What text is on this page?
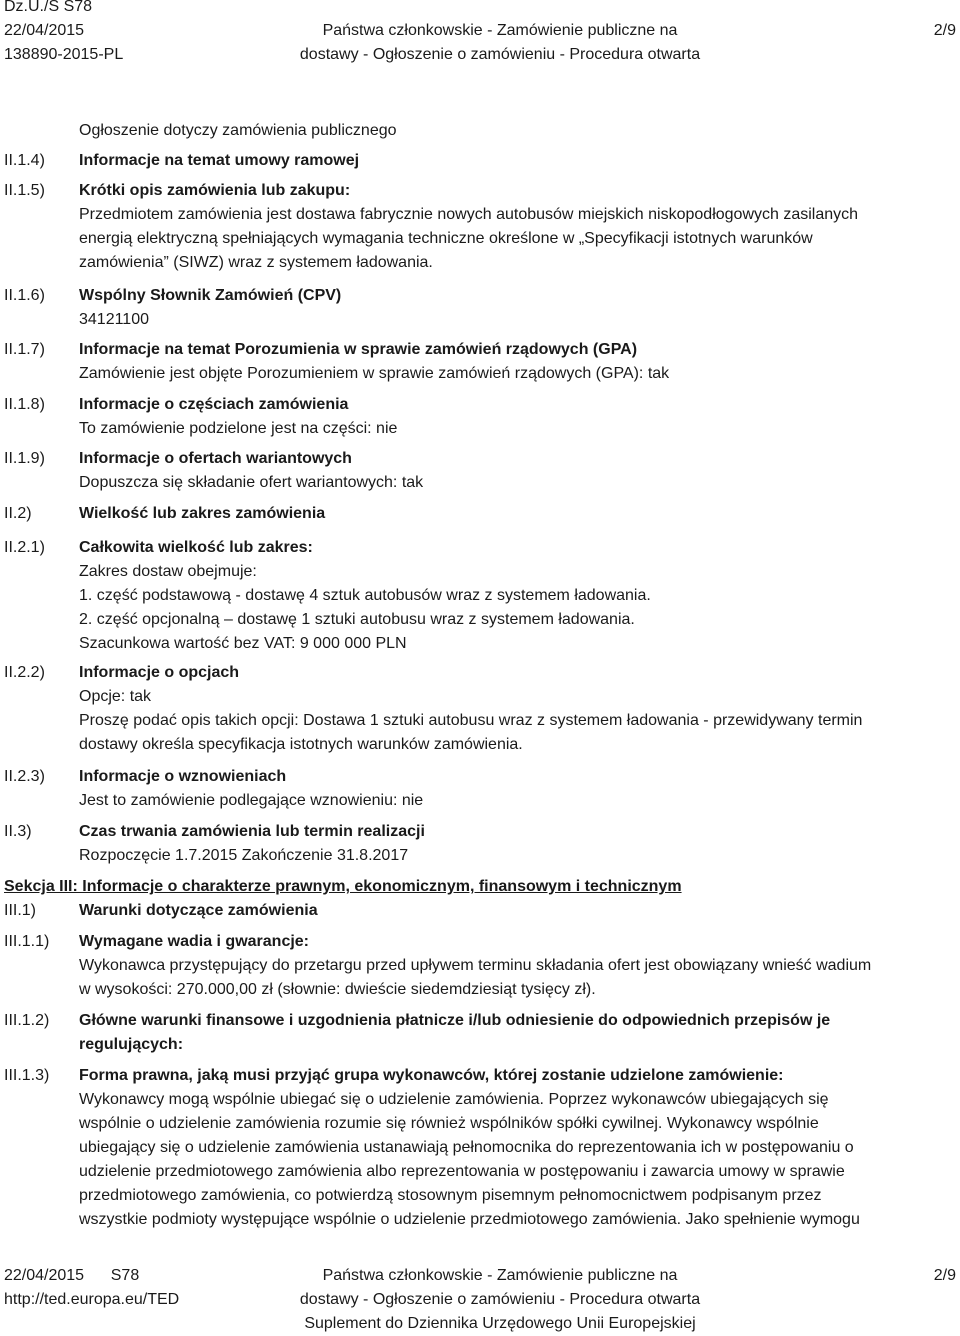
Dz.U./S S78
22/04/2015
138890-2015-PL
Państwa członkowskie - Zamówienie publiczne na
dostawy - Ogłoszenie o zamówieniu - Procedura otwarta
2/9
Ogłoszenie dotyczy zamówienia publicznego
II.1.4) Informacje na temat umowy ramowej
II.1.5) Krótki opis zamówienia lub zakupu:
Przedmiotem zamówienia jest dostawa fabrycznie nowych autobusów miejskich niskopodłogowych zasilanych
energią elektryczną spełniających wymagania techniczne określone w „Specyfikacji istotnych warunków
zamówienia” (SIWZ) wraz z systemem ładowania.
II.1.6) Wspólny Słownik Zamówień (CPV)
34121100
II.1.7) Informacje na temat Porozumienia w sprawie zamówień rządowych (GPA)
Zamówienie jest objęte Porozumieniem w sprawie zamówień rządowych (GPA): tak
II.1.8) Informacje o częściach zamówienia
To zamówienie podzielone jest na części: nie
II.1.9) Informacje o ofertach wariantowych
Dopuszcza się składanie ofert wariantowych: tak
II.2)	Wielkość lub zakres zamówienia
II.2.1) Całkowita wielkość lub zakres:
Zakres dostaw obejmuje:
1. część podstawową - dostawę 4 sztuk autobusów wraz z systemem ładowania.
2. część opcjonalną – dostawę 1 sztuki autobusu wraz z systemem ładowania.
Szacunkowa wartość bez VAT: 9 000 000 PLN
II.2.2) Informacje o opcjach
Opcje: tak
Proszę podać opis takich opcji: Dostawa 1 sztuki autobusu wraz z systemem ładowania - przewidywany termin
dostawy określa specyfikacja istotnych warunków zamówienia.
II.2.3) Informacje o wznowieniach
Jest to zamówienie podlegające wznowieniu: nie
II.3)	Czas trwania zamówienia lub termin realizacji
Rozpoczęcie 1.7.2015 Zakończenie 31.8.2017
Sekcja III: Informacje o charakterze prawnym, ekonomicznym, finansowym i technicznym
III.1)	Warunki dotyczące zamówienia
III.1.1) Wymagane wadia i gwarancje:
Wykonawca przystępujący do przetargu przed upływem terminu składania ofert jest obowiązany wnieść wadium
w wysokości: 270.000,00 zł (słownie: dwieście siedemdziesiąt tysięcy zł).
III.1.2) Główne warunki finansowe i uzgodnienia płatnicze i/lub odniesienie do odpowiednich przepisów je
regulujących:
III.1.3) Forma prawna, jaką musi przyjąć grupa wykonawców, której zostanie udzielone zamówienie:
Wykonawcy mogą wspólnie ubiegać się o udzielenie zamówienia. Poprzez wykonawców ubiegających się
wspólnie o udzielenie zamówienia rozumie się również wspólników spółki cywilnej. Wykonawcy wspólnie
ubiegający się o udzielenie zamówienia ustanawiają pełnomocnika do reprezentowania ich w postępowaniu o
udzielenie przedmiotowego zamówienia albo reprezentowania w postępowaniu i zawarcia umowy w sprawie
przedmiotowego zamówienia, co potwierdzą stosownym pisemnym pełnomocnictwem podpisanym przez
wszystkie podmioty występujące wspólnie o udzielenie przedmiotowego zamówienia. Jako spełnienie wymogu
22/04/2015 S78
http://ted.europa.eu/TED
Państwa członkowskie - Zamówienie publiczne na
dostawy - Ogłoszenie o zamówieniu - Procedura otwarta
Suplement do Dziennika Urzędowego Unii Europejskiej
2/9
